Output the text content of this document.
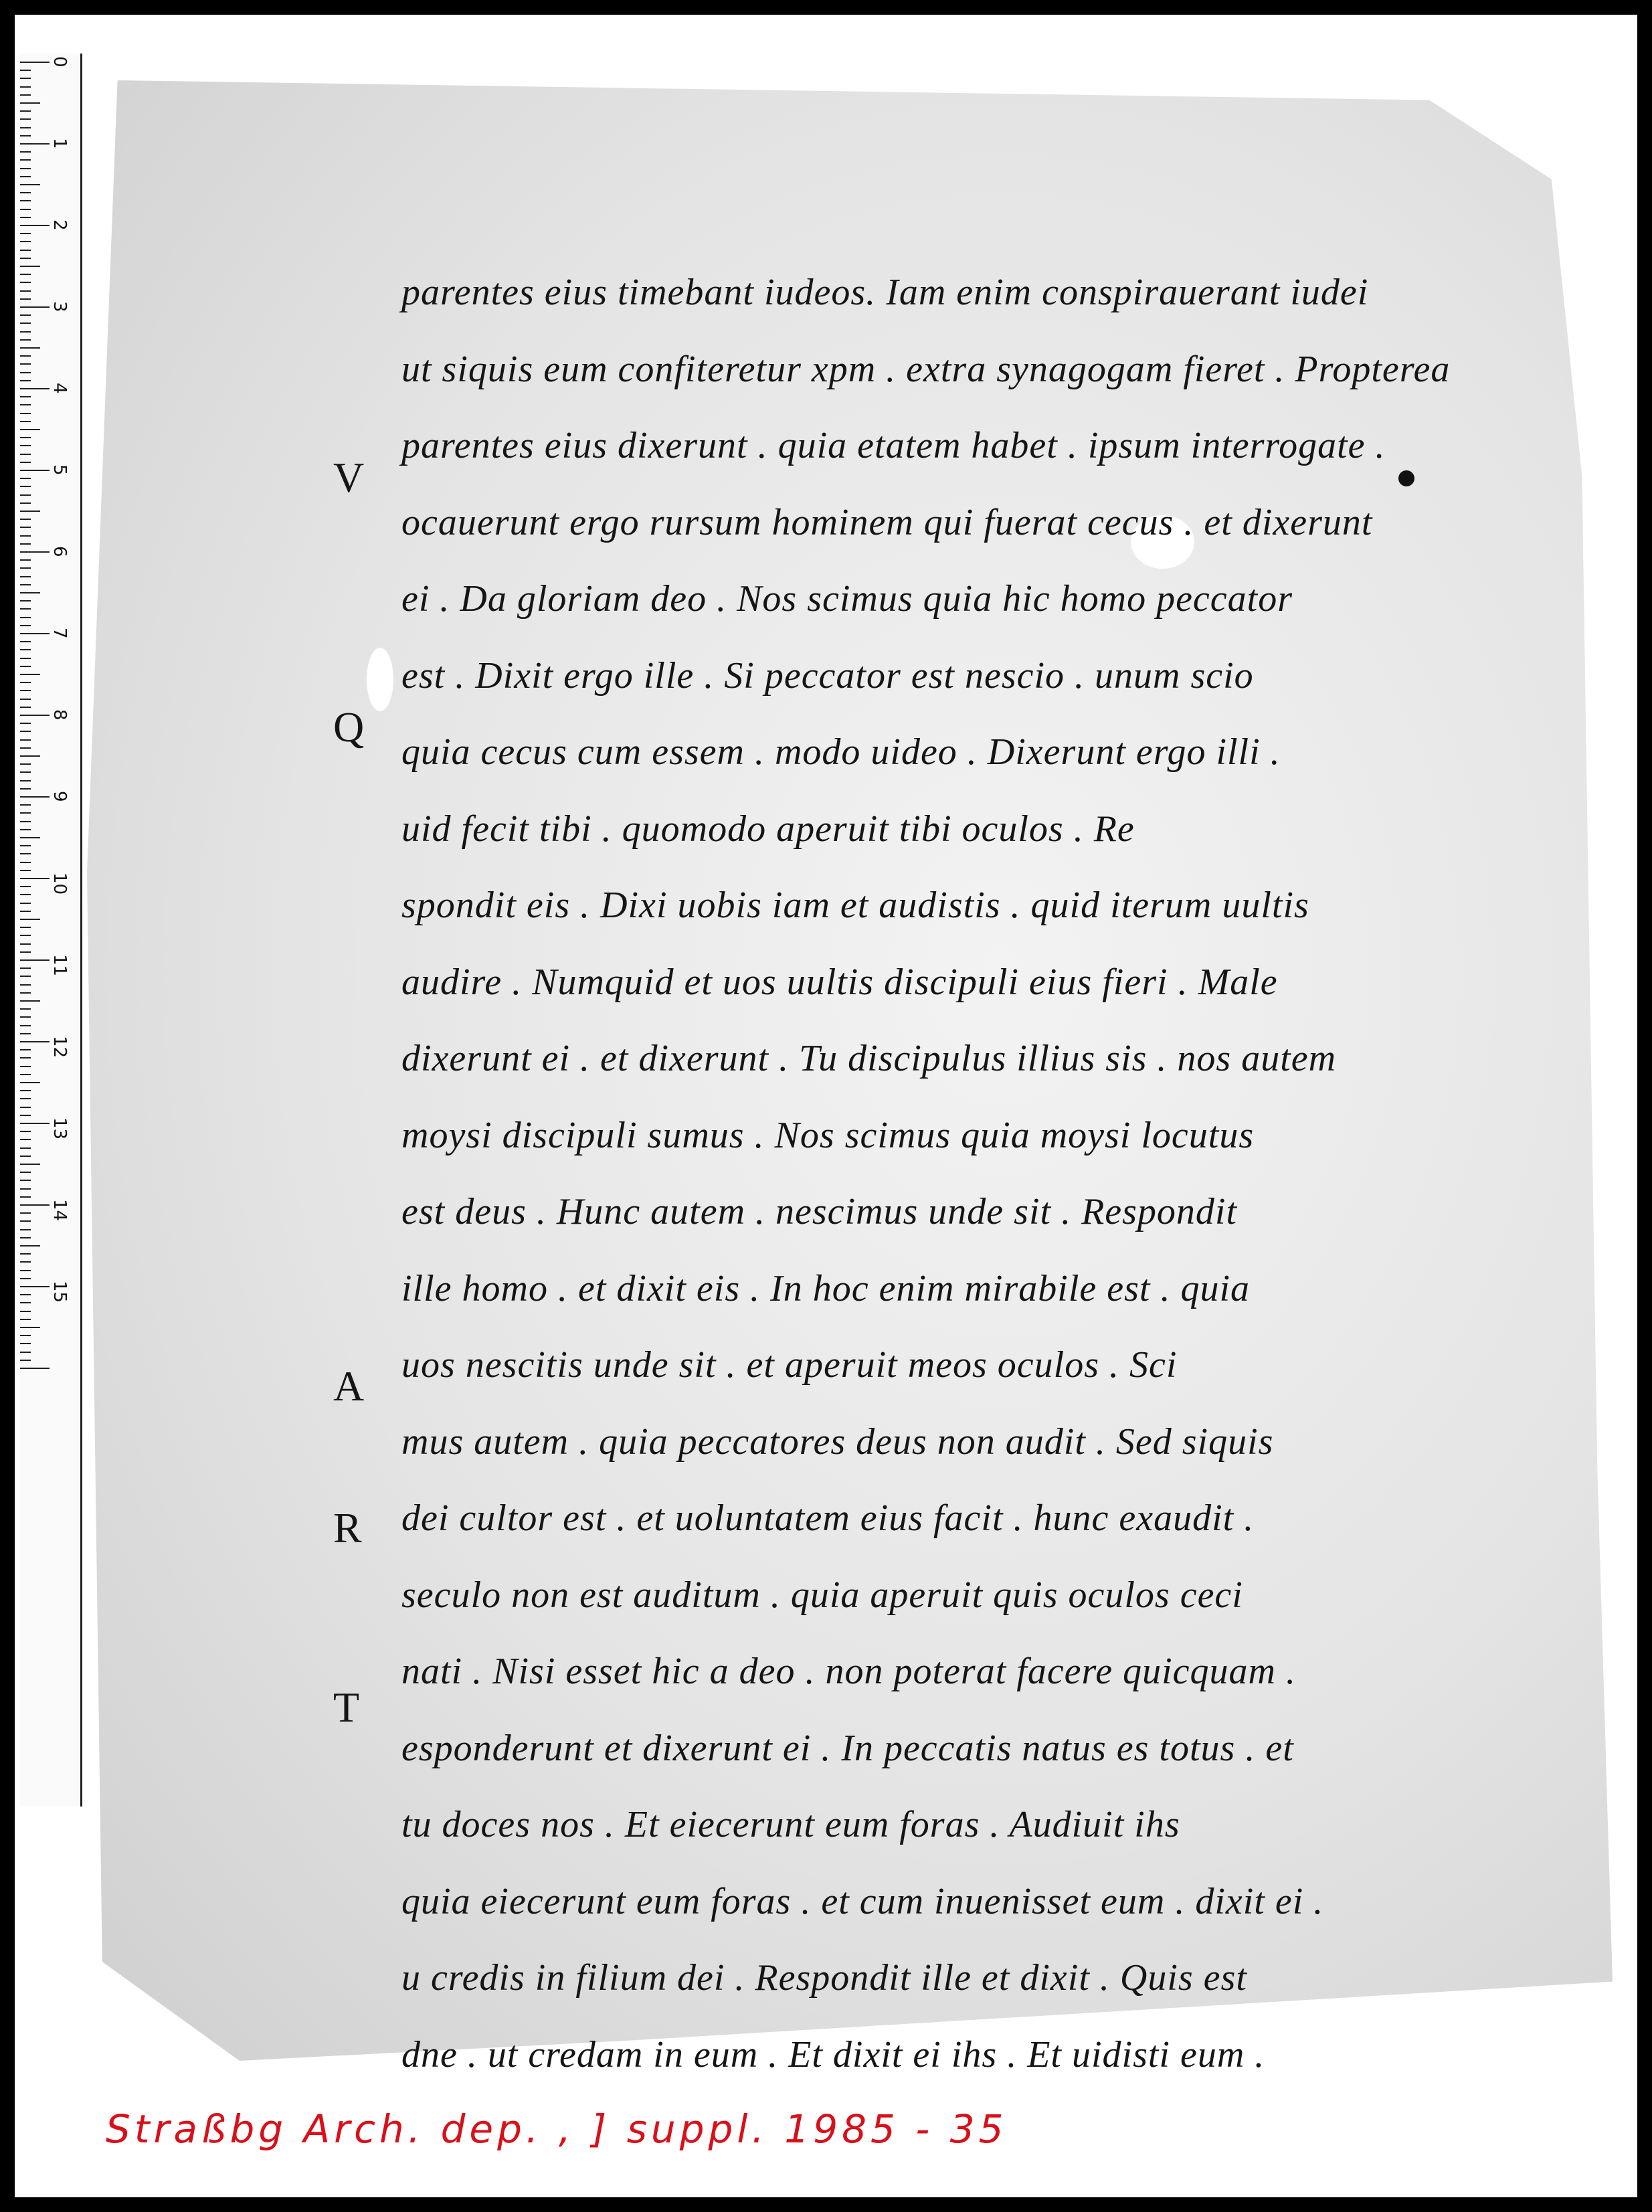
0
1
2
3
4
5
6
7
8
9
10
11
12
13
14
15
V
Q
A
R
T
parentes eius timebant iudeos. Iam enim conspirauerant iudei
ut siquis eum confiteretur xpm . extra synagogam fieret . Propterea
parentes eius dixerunt . quia etatem habet . ipsum interrogate .
ocauerunt ergo rursum hominem qui fuerat cecus . et dixerunt
ei . Da gloriam deo . Nos scimus quia hic homo peccator
est . Dixit ergo ille . Si peccator est nescio . unum scio
quia cecus cum essem . modo uideo . Dixerunt ergo illi .
uid fecit tibi . quomodo aperuit tibi oculos . Re
spondit eis . Dixi uobis iam et audistis . quid iterum uultis
audire . Numquid et uos uultis discipuli eius fieri . Male
dixerunt ei . et dixerunt . Tu discipulus illius sis . nos autem
moysi discipuli sumus . Nos scimus quia moysi locutus
est deus . Hunc autem . nescimus unde sit . Respondit
ille homo . et dixit eis . In hoc enim mirabile est . quia
uos nescitis unde sit . et aperuit meos oculos . Sci
mus autem . quia peccatores deus non audit . Sed siquis
dei cultor est . et uoluntatem eius facit . hunc exaudit .
seculo non est auditum . quia aperuit quis oculos ceci
nati . Nisi esset hic a deo . non poterat facere quicquam .
esponderunt et dixerunt ei . In peccatis natus es totus . et
tu doces nos . Et eiecerunt eum foras . Audiuit ihs
quia eiecerunt eum foras . et cum inuenisset eum . dixit ei .
u credis in filium dei . Respondit ille et dixit . Quis est
dne . ut credam in eum . Et dixit ei ihs . Et uidisti eum .
Straßbg Arch. dep. , ] suppl. 1985 - 35
